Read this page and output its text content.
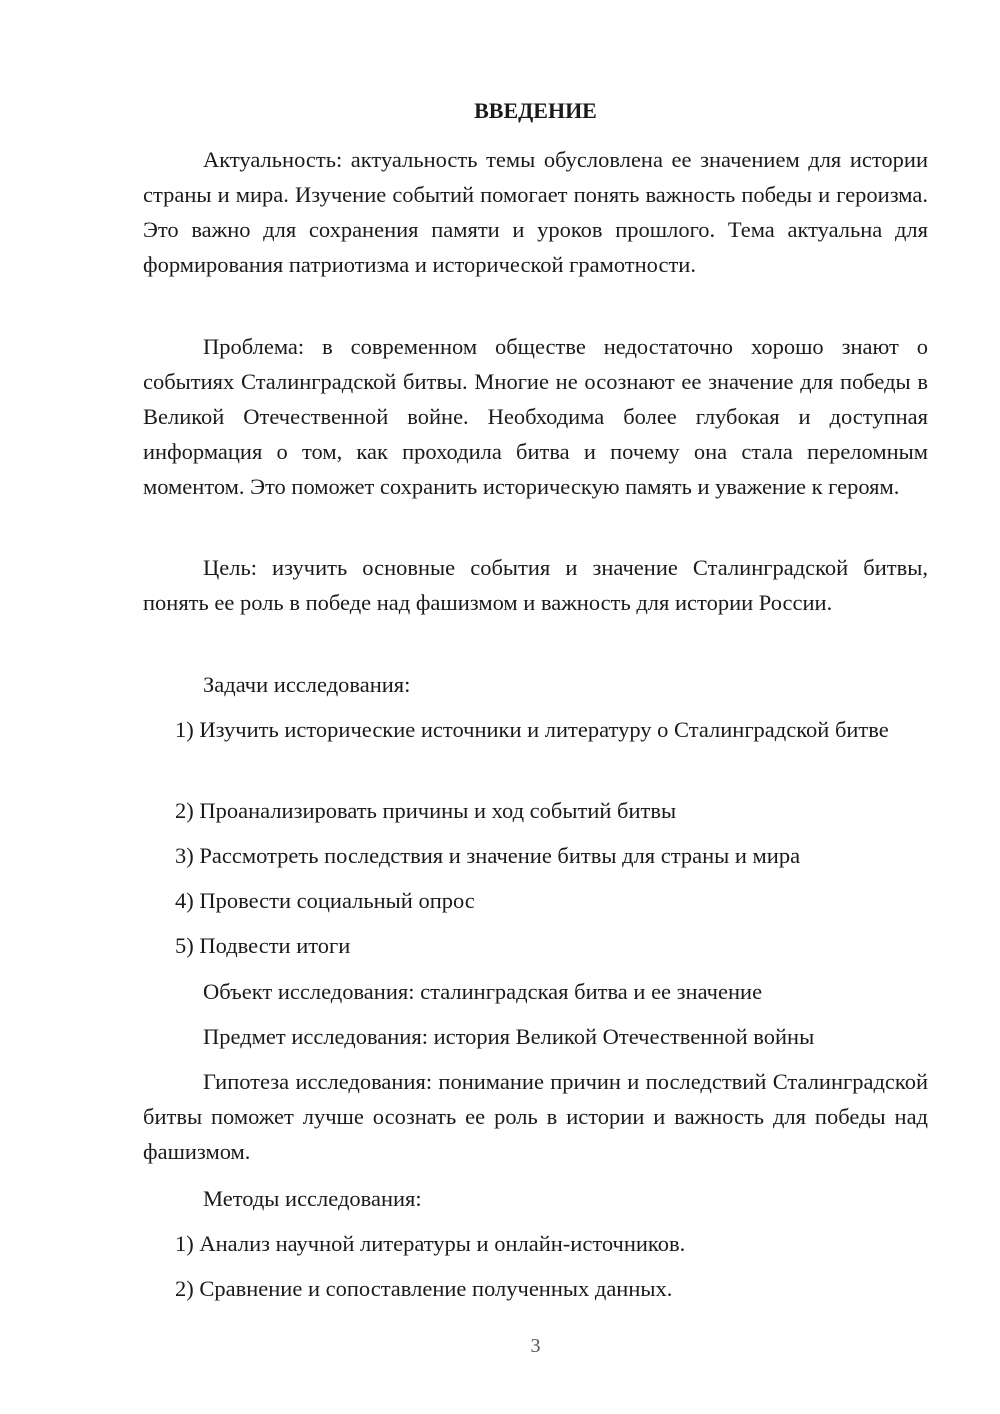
ВВЕДЕНИЕ

Актуальность: актуальность темы обусловлена ее значением для истории страны и мира. Изучение событий помогает понять важность победы и героизма. Это важно для сохранения памяти и уроков прошлого. Тема актуальна для формирования патриотизма и исторической грамотности.

Проблема: в современном обществе недостаточно хорошо знают о событиях Сталинградской битвы. Многие не осознают ее значение для победы в Великой Отечественной войне. Необходима более глубокая и доступная информация о том, как проходила битва и почему она стала переломным моментом. Это поможет сохранить историческую память и уважение к героям.

Цель: изучить основные события и значение Сталинградской битвы, понять ее роль в победе над фашизмом и важность для истории России.

Задачи исследования:

1) Изучить исторические источники и литературу о Сталинградской битве

2) Проанализировать причины и ход событий битвы

3) Рассмотреть последствия и значение битвы для страны и мира

4) Провести социальный опрос

5) Подвести итоги

Объект исследования: сталинградская битва и ее значение

Предмет исследования: история Великой Отечественной войны

Гипотеза исследования: понимание причин и последствий Сталинградской битвы поможет лучше осознать ее роль в истории и важность для победы над фашизмом.

Методы исследования:

1) Анализ научной литературы и онлайн-источников.

2) Сравнение и сопоставление полученных данных.

3
